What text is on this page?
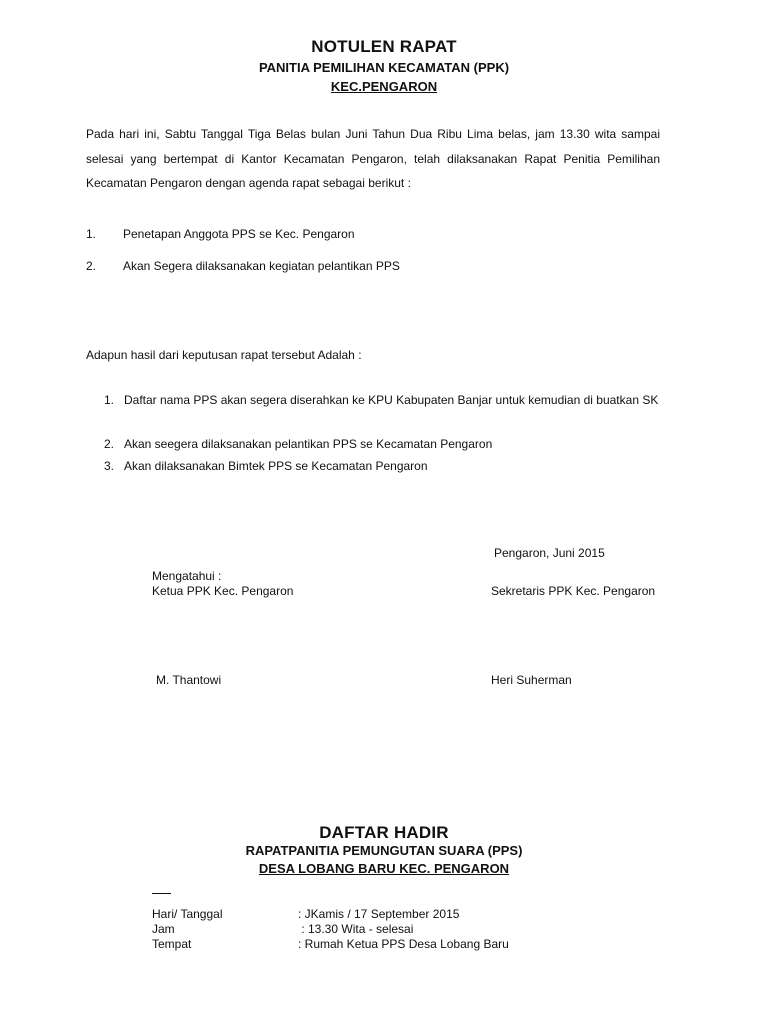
NOTULEN RAPAT
PANITIA PEMILIHAN KECAMATAN (PPK)
KEC.PENGARON
Pada hari ini, Sabtu Tanggal Tiga Belas bulan Juni Tahun Dua Ribu Lima belas, jam 13.30 wita sampai selesai yang bertempat di Kantor Kecamatan Pengaron, telah dilaksanakan Rapat Penitia Pemilihan Kecamatan Pengaron dengan agenda rapat sebagai berikut :
1. Penetapan Anggota PPS se Kec. Pengaron
2. Akan Segera dilaksanakan kegiatan pelantikan PPS
Adapun hasil dari keputusan rapat tersebut Adalah :
1. Daftar nama PPS akan segera diserahkan ke KPU Kabupaten Banjar untuk kemudian di buatkan SK
2. Akan seegera dilaksanakan pelantikan PPS se Kecamatan Pengaron
3. Akan dilaksanakan Bimtek PPS se Kecamatan Pengaron
Pengaron, Juni 2015
Mengatahui :
Ketua PPK Kec. Pengaron	Sekretaris PPK Kec. Pengaron
M. Thantowi	Heri Suherman
DAFTAR HADIR
RAPATPANITIA PEMUNGUTAN SUARA (PPS)
DESA LOBANG BARU KEC. PENGARON
Hari/ Tanggal	: JKamis / 17 September 2015
Jam	: 13.30 Wita - selesai
Tempat	: Rumah Ketua PPS Desa Lobang Baru
